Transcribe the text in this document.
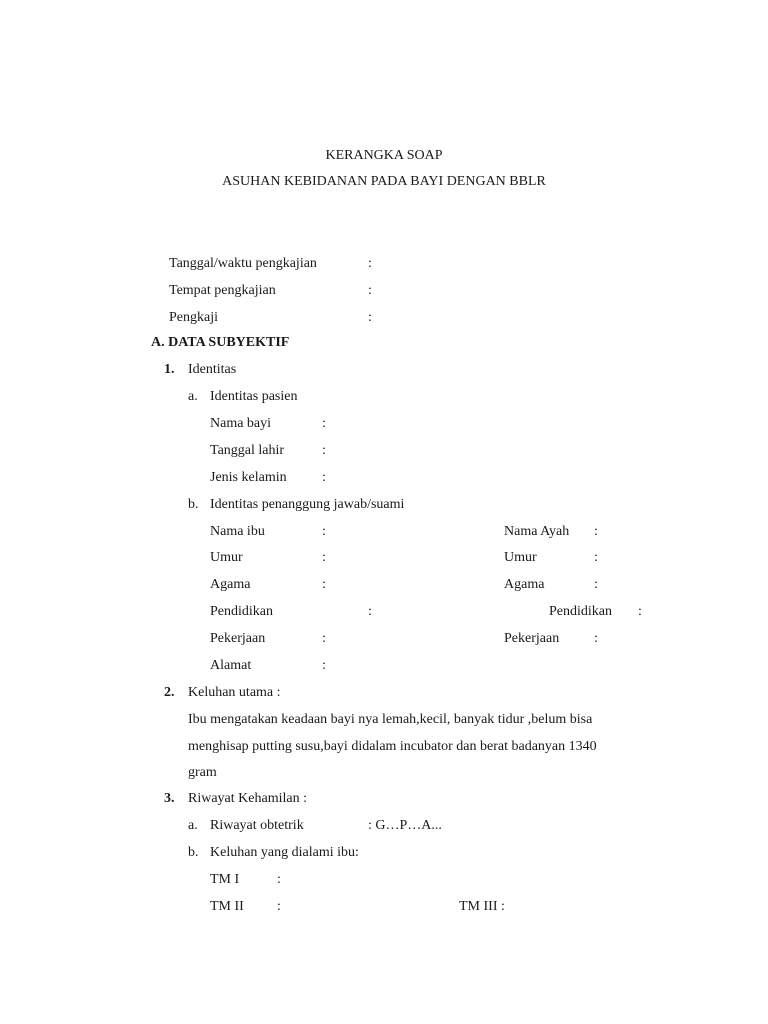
KERANGKA SOAP
ASUHAN KEBIDANAN PADA BAYI DENGAN BBLR
Tanggal/waktu pengkajian	:
Tempat pengkajian	:
Pengkaji	:
A. DATA SUBYEKTIF
1. Identitas
a. Identitas pasien
Nama bayi	:
Tanggal lahir	:
Jenis kelamin	:
b. Identitas penanggung jawab/suami
Nama ibu	:	Nama Ayah :
Umur	:	Umur	:
Agama	:	Agama	:
Pendidikan	:	Pendidikan :
Pekerjaan	:	Pekerjaan :
Alamat	:
2. Keluhan utama :
Ibu mengatakan keadaan bayi nya lemah,kecil, banyak tidur ,belum bisa
menghisap putting susu,bayi didalam incubator dan berat badanyan 1340
gram
3. Riwayat Kehamilan :
a. Riwayat obtetrik	: G…P…A...
b. Keluhan yang dialami ibu:
TM I	:
TM II :	TM III :
